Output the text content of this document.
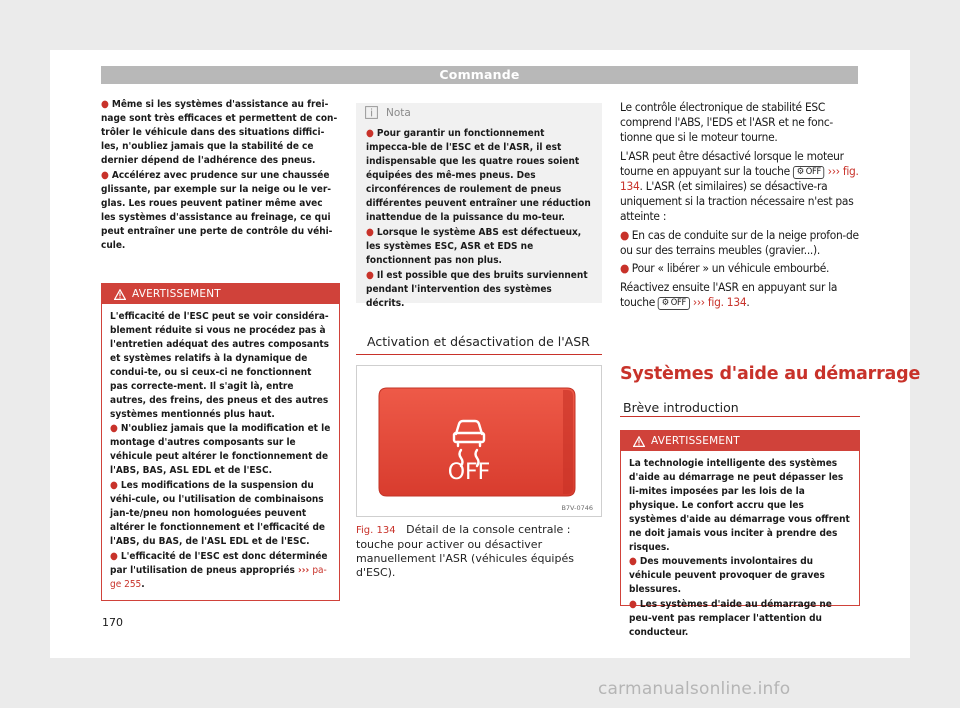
Commande
● Même si les systèmes d'assistance au frei-nage sont très efficaces et permettent de con-trôler le véhicule dans des situations diffici-les, n'oubliez jamais que la stabilité de ce dernier dépend de l'adhérence des pneus.
● Accélérez avec prudence sur une chaussée glissante, par exemple sur la neige ou le ver-glas. Les roues peuvent patiner même avec les systèmes d'assistance au freinage, ce qui peut entraîner une perte de contrôle du véhi-cule.
AVERTISSEMENT
L'efficacité de l'ESC peut se voir considéra-blement réduite si vous ne procédez pas à l'entretien adéquat des autres composants et systèmes relatifs à la dynamique de condui-te, ou si ceux-ci ne fonctionnent pas correcte-ment. Il s'agit là, entre autres, des freins, des pneus et des autres systèmes mentionnés plus haut.
● N'oubliez jamais que la modification et le montage d'autres composants sur le véhicule peut altérer le fonctionnement de l'ABS, BAS, ASL EDL et de l'ESC.
● Les modifications de la suspension du véhi-cule, ou l'utilisation de combinaisons jan-te/pneu non homologuées peuvent altérer le fonctionnement et l'efficacité de l'ABS, du BAS, de l'ASL EDL et de l'ESC.
● L'efficacité de l'ESC est donc déterminée par l'utilisation de pneus appropriés ››› pa-ge 255.
Nota
● Pour garantir un fonctionnement impecca-ble de l'ESC et de l'ASR, il est indispensable que les quatre roues soient équipées des mê-mes pneus. Des circonférences de roulement de pneus différentes peuvent entraîner une réduction inattendue de la puissance du mo-teur.
● Lorsque le système ABS est défectueux, les systèmes ESC, ASR et EDS ne fonctionnent pas non plus.
● Il est possible que des bruits surviennent pendant l'intervention des systèmes décrits.
Activation et désactivation de l'ASR
OFF
B7V-0746
Fig. 134 Détail de la console centrale : touche pour activer ou désactiver manuellement l'ASR (véhicules équipés d'ESC).
Le contrôle électronique de stabilité ESC comprend l'ABS, l'EDS et l'ASR et ne fonc-tionne que si le moteur tourne.
L'ASR peut être désactivé lorsque le moteur tourne en appuyant sur la touche ⚙ OFF ››› fig. 134. L'ASR (et similaires) se désactive-ra uniquement si la traction nécessaire n'est pas atteinte :
● En cas de conduite sur de la neige profon-de ou sur des terrains meubles (gravier...).
● Pour « libérer » un véhicule embourbé.
Réactivez ensuite l'ASR en appuyant sur la touche ⚙ OFF ››› fig. 134.
Systèmes d'aide au démarrage
Brève introduction
AVERTISSEMENT
La technologie intelligente des systèmes d'aide au démarrage ne peut dépasser les li-mites imposées par les lois de la physique. Le confort accru que les systèmes d'aide au démarrage vous offrent ne doit jamais vous inciter à prendre des risques.
● Des mouvements involontaires du véhicule peuvent provoquer de graves blessures.
● Les systèmes d'aide au démarrage ne peu-vent pas remplacer l'attention du conducteur.
170
carmanualsonline.info
